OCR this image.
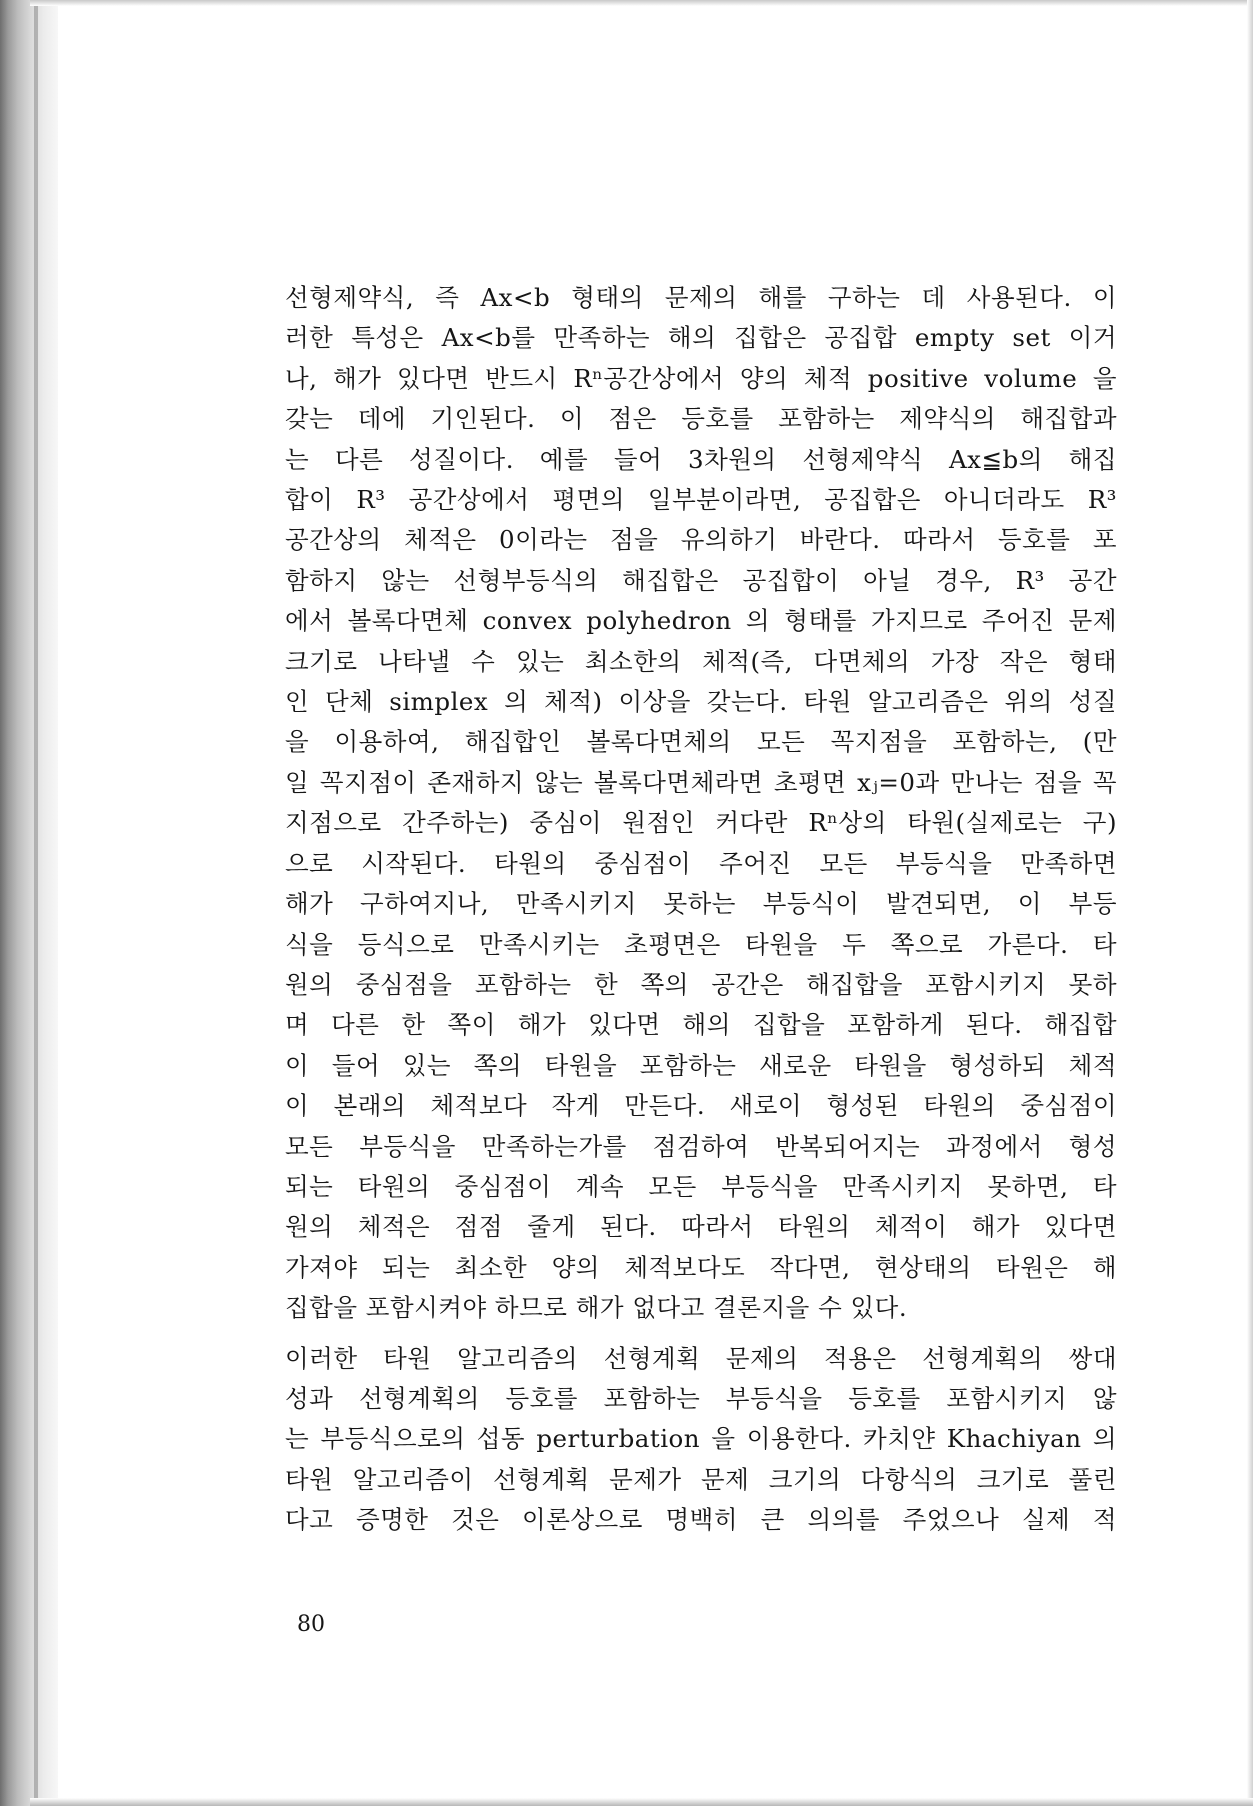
선형제약식, 즉 Ax<b 형태의 문제의 해를 구하는 데 사용된다. 이
러한 특성은 Ax<b를 만족하는 해의 집합은 공집합 empty set 이거
나, 해가 있다면 반드시 Rⁿ공간상에서 양의 체적 positive volume 을
갖는 데에 기인된다. 이 점은 등호를 포함하는 제약식의 해집합과
는 다른 성질이다. 예를 들어 3차원의 선형제약식 Ax≦b의 해집
합이 R³ 공간상에서 평면의 일부분이라면, 공집합은 아니더라도 R³
공간상의 체적은 0이라는 점을 유의하기 바란다. 따라서 등호를 포
함하지 않는 선형부등식의 해집합은 공집합이 아닐 경우, R³ 공간
에서 볼록다면체 convex polyhedron 의 형태를 가지므로 주어진 문제
크기로 나타낼 수 있는 최소한의 체적(즉, 다면체의 가장 작은 형태
인 단체 simplex 의 체적) 이상을 갖는다. 타원 알고리즘은 위의 성질
을 이용하여, 해집합인 볼록다면체의 모든 꼭지점을 포함하는, (만
일 꼭지점이 존재하지 않는 볼록다면체라면 초평면 xⱼ=0과 만나는 점을 꼭
지점으로 간주하는) 중심이 원점인 커다란 Rⁿ상의 타원(실제로는 구)
으로 시작된다. 타원의 중심점이 주어진 모든 부등식을 만족하면
해가 구하여지나, 만족시키지 못하는 부등식이 발견되면, 이 부등
식을 등식으로 만족시키는 초평면은 타원을 두 쪽으로 가른다. 타
원의 중심점을 포함하는 한 쪽의 공간은 해집합을 포함시키지 못하
며 다른 한 쪽이 해가 있다면 해의 집합을 포함하게 된다. 해집합
이 들어 있는 쪽의 타원을 포함하는 새로운 타원을 형성하되 체적
이 본래의 체적보다 작게 만든다. 새로이 형성된 타원의 중심점이
모든 부등식을 만족하는가를 점검하여 반복되어지는 과정에서 형성
되는 타원의 중심점이 계속 모든 부등식을 만족시키지 못하면, 타
원의 체적은 점점 줄게 된다. 따라서 타원의 체적이 해가 있다면
가져야 되는 최소한 양의 체적보다도 작다면, 현상태의 타원은 해
집합을 포함시켜야 하므로 해가 없다고 결론지을 수 있다.
이러한 타원 알고리즘의 선형계획 문제의 적용은 선형계획의 쌍대
성과 선형계획의 등호를 포함하는 부등식을 등호를 포함시키지 않
는 부등식으로의 섭동 perturbation 을 이용한다. 카치얀 Khachiyan 의
타원 알고리즘이 선형계획 문제가 문제 크기의 다항식의 크기로 풀린
다고 증명한 것은 이론상으로 명백히 큰 의의를 주었으나 실제 적
80
